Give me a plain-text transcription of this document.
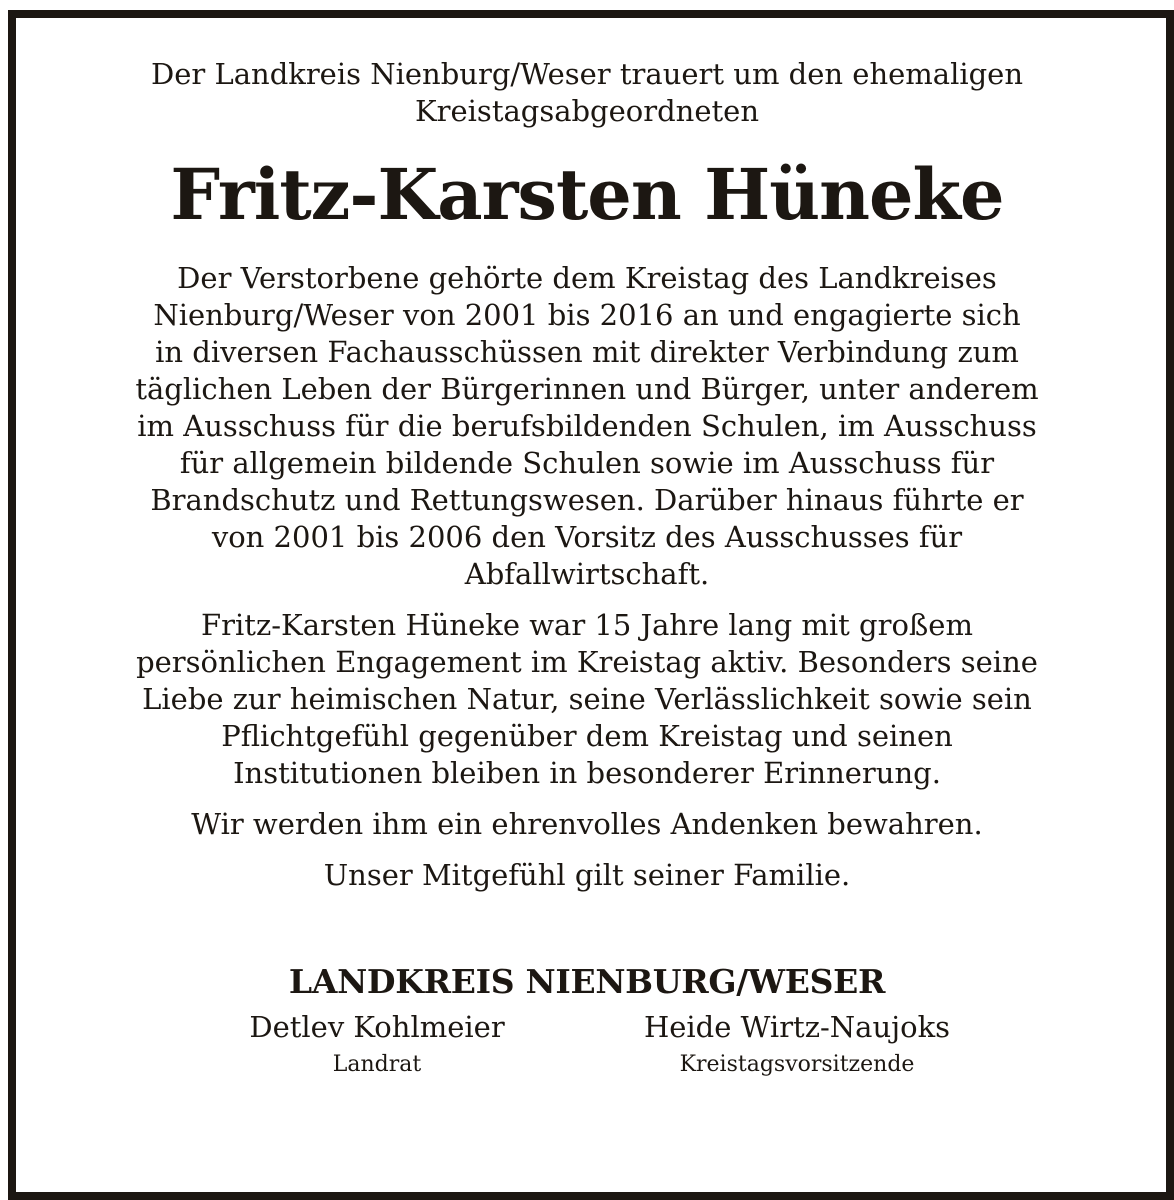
Der Landkreis Nienburg/Weser trauert um den ehemaligen
Kreistagsabgeordneten
Fritz-Karsten Hüneke
Der Verstorbene gehörte dem Kreistag des Landkreises
Nienburg/Weser von 2001 bis 2016 an und engagierte sich
in diversen Fachausschüssen mit direkter Verbindung zum
täglichen Leben der Bürgerinnen und Bürger, unter anderem
im Ausschuss für die berufsbildenden Schulen, im Ausschuss
für allgemein bildende Schulen sowie im Ausschuss für
Brandschutz und Rettungswesen. Darüber hinaus führte er
von 2001 bis 2006 den Vorsitz des Ausschusses für
Abfallwirtschaft.
Fritz-Karsten Hüneke war 15 Jahre lang mit großem
persönlichen Engagement im Kreistag aktiv. Besonders seine
Liebe zur heimischen Natur, seine Verlässlichkeit sowie sein
Pflichtgefühl gegenüber dem Kreistag und seinen
Institutionen bleiben in besonderer Erinnerung.
Wir werden ihm ein ehrenvolles Andenken bewahren.
Unser Mitgefühl gilt seiner Familie.
LANDKREIS NIENBURG/WESER
Detlev Kohlmeier
Landrat
Heide Wirtz-Naujoks
Kreistagsvorsitzende
